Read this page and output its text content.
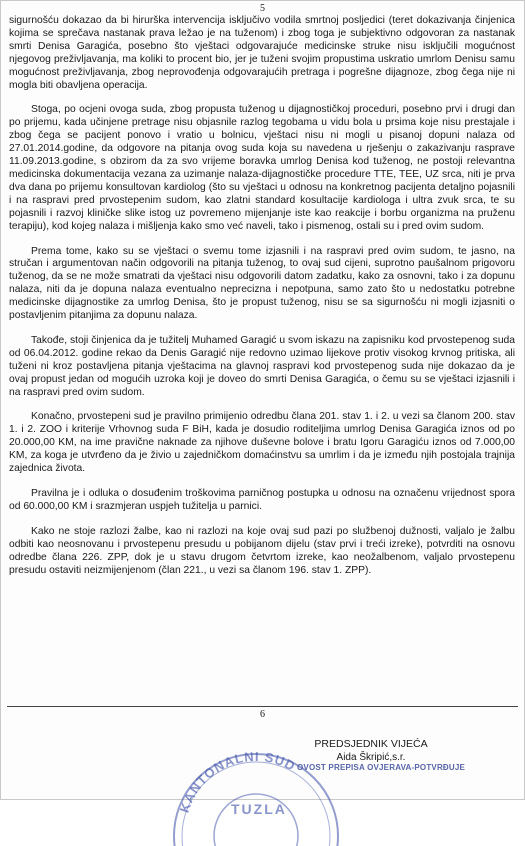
5

sigurnošću dokazao da bi hirurška intervencija isključivo vodila smrtnoj posljedici (teret dokazivanja činjenica kojima se sprečava nastanak prava ležao je na tuženom) i zbog toga je subjektivno odgovoran za nastanak smrti Denisa Garagića, posebno što vještaci odgovarajuće medicinske struke nisu isključili mogućnost njegovog preživljavanja, ma koliki to procent bio, jer je tuženi svojim propustima uskratio umrlom Denisu samu mogućnost preživljavanja, zbog neprovođenja odgovarajućih pretraga i pogrešne dijagnoze, zbog čega nije ni mogla biti obavljena operacija.

Stoga, po ocjeni ovoga suda, zbog propusta tuženog u dijagnostičkoj proceduri, posebno prvi i drugi dan po prijemu, kada učinjene pretrage nisu objasnile razlog tegobama u vidu bola u prsima koje nisu prestajale i zbog čega se pacijent ponovo i vratio u bolnicu, vještaci nisu ni mogli u pisanoj dopuni nalaza od 27.01.2014.godine, da odgovore na pitanja ovog suda koja su navedena u rješenju o zakazivanju rasprave 11.09.2013.godine, s obzirom da za svo vrijeme boravka umrlog Denisa kod tuženog, ne postoji relevantna medicinska dokumentacija vezana za uzimanje nalaza-dijagnostičke procedure TTE, TEE, UZ srca, niti je prva dva dana po prijemu konsultovan kardiolog (što su vještaci u odnosu na konkretnog pacijenta detaljno pojasnili i na raspravi pred prvostepenim sudom, kao zlatni standard kosultacije kardiologa i ultra zvuk srca, te su pojasnili i razvoj kliničke slike istog uz povremeno mijenjanje iste kao reakcije i borbu organizma na pruženu terapiju), kod kojeg nalaza i mišljenja kako smo već naveli, tako i pismenog, ostali su i pred ovim sudom.

Prema tome, kako su se vještaci o svemu tome izjasnili i na raspravi pred ovim sudom, te jasno, na stručan i argumentovan način odgovorili na pitanja tuženog, to ovaj sud cijeni, suprotno paušalnom prigovoru tuženog, da se ne može smatrati da vještaci nisu odgovorili datom zadatku, kako za osnovni, tako i za dopunu nalaza, niti da je dopuna nalaza eventualno neprecizna i nepotpuna, samo zato što u nedostatku potrebne medicinske dijagnostike za umrlog Denisa, što je propust tuženog, nisu se sa sigurnošću ni mogli izjasniti o postavljenim pitanjima za dopunu nalaza.

Takođe, stoji činjenica da je tužitelj Muhamed Garagić u svom iskazu na zapisniku kod prvostepenog suda od 06.04.2012. godine rekao da Denis Garagić nije redovno uzimao lijekove protiv visokog krvnog pritiska, ali tuženi ni kroz postavljena pitanja vještacima na glavnoj raspravi kod prvostepenog suda nije dokazao da je ovaj propust jedan od mogućih uzroka koji je doveo do smrti Denisa Garagića, o čemu su se vještaci izjasnili i na raspravi pred ovim sudom.

Konačno, prvostepeni sud je pravilno primijenio odredbu člana 201. stav 1. i 2. u vezi sa članom 200. stav 1. i 2. ZOO i kriterije Vrhovnog suda F BiH, kada je dosudio roditeljima umrlog Denisa Garagića iznos od po 20.000,00 KM, na ime pravične naknade za njihove duševne bolove i bratu Igoru Garagiću iznos od 7.000,00 KM, za koga je utvrđeno da je živio u zajedničkom domaćinstvu sa umrlim i da je između njih postojala trajnija zajednica života.

Pravilna je i odluka o dosuđenim troškovima parničnog postupka u odnosu na označenu vrijednost spora od 60.000,00 KM i srazmjeran uspjeh tužitelja u parnici.

Kako ne stoje razlozi žalbe, kao ni razlozi na koje ovaj sud pazi po službenoj dužnosti, valjalo je žalbu odbiti kao neosnovanu i prvostepenu presudu u pobijanom dijelu (stav prvi i treći izreke), potvrditi na osnovu odredbe člana 226. ZPP, dok je u stavu drugom četvrtom izreke, kao neožalbenom, valjalo prvostepenu presudu ostaviti neizmijenjenom (član 221., u vezi sa članom 196. stav 1. ZPP).

6
KANTONALNI SUD
TUZLA
OVOST PREPISA OVJERAVA-POTVRĐUJE
PREDSJEDNIK VIJEĆA
Aida Škripić,s.r.
